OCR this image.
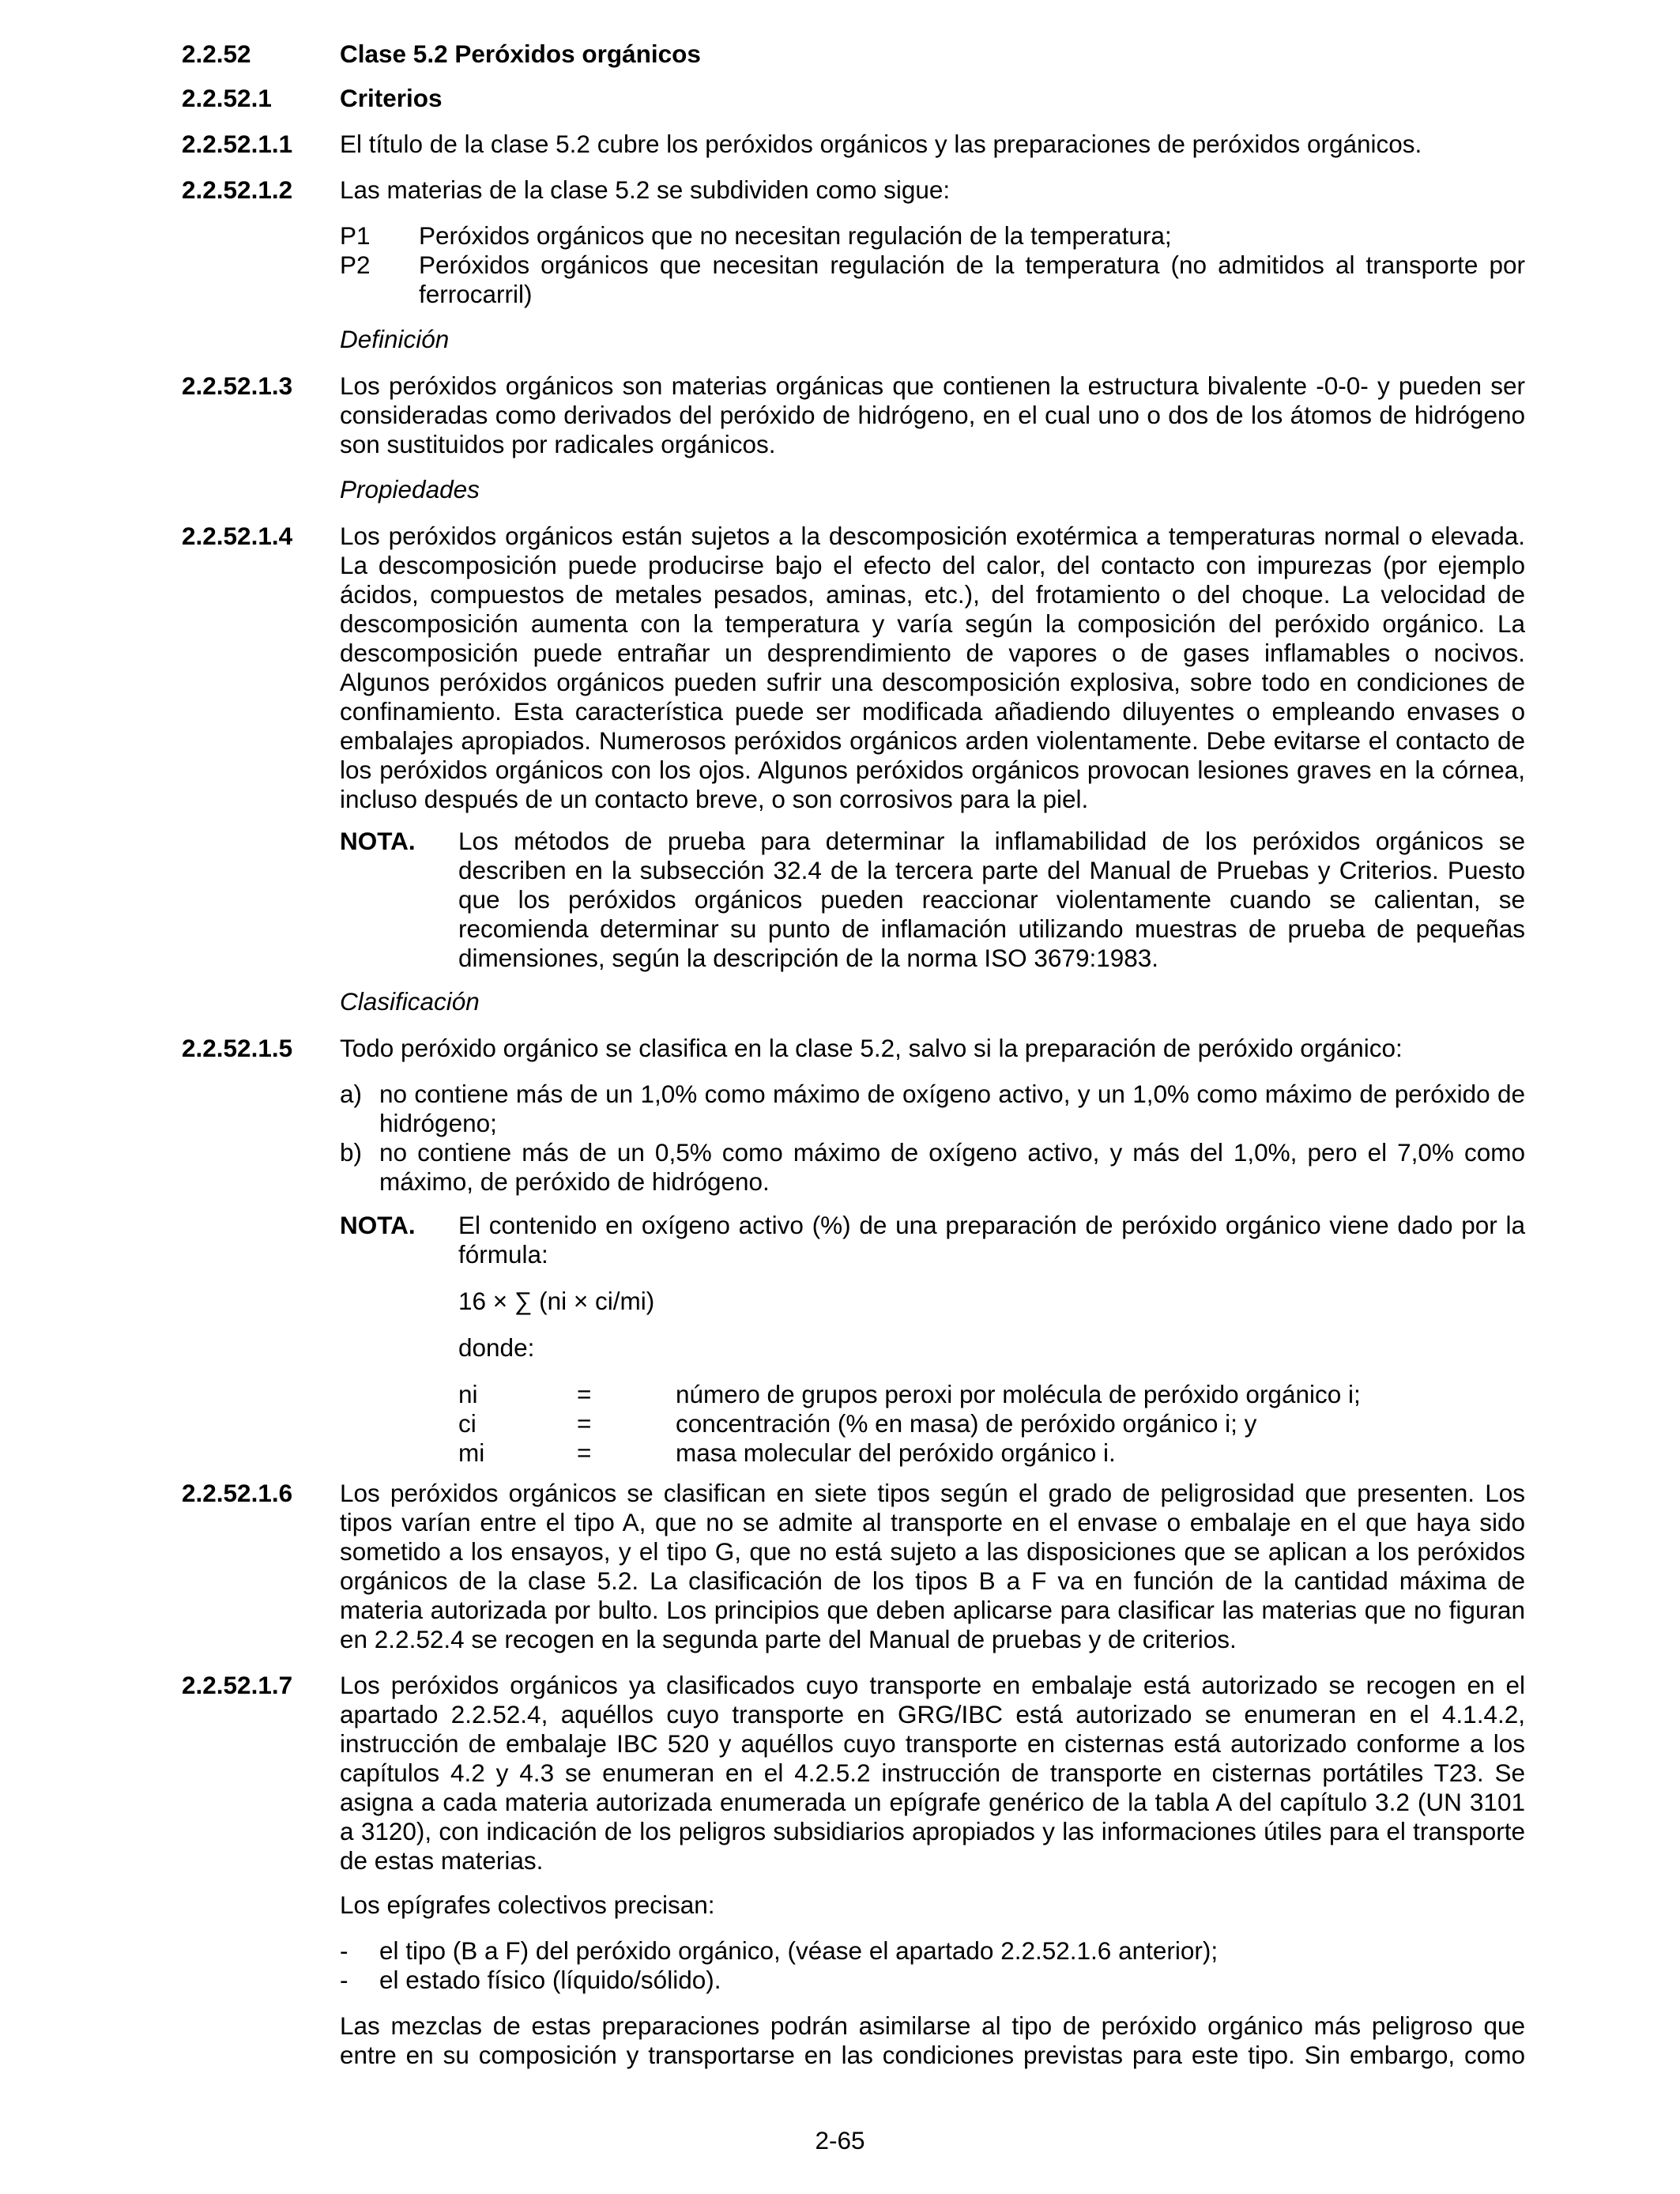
2.2.52	Clase 5.2 Peróxidos orgánicos
2.2.52.1	Criterios
2.2.52.1.1 El título de la clase 5.2 cubre los peróxidos orgánicos y las preparaciones de peróxidos orgánicos.
2.2.52.1.2 Las materias de la clase 5.2 se subdividen como sigue:
P1	Peróxidos orgánicos que no necesitan regulación de la temperatura;
P2	Peróxidos orgánicos que necesitan regulación de la temperatura (no admitidos al transporte por ferrocarril)
Definición
2.2.52.1.3 Los peróxidos orgánicos son materias orgánicas que contienen la estructura bivalente -0-0- y pueden ser consideradas como derivados del peróxido de hidrógeno, en el cual uno o dos de los átomos de hidrógeno son sustituidos por radicales orgánicos.
Propiedades
2.2.52.1.4 Los peróxidos orgánicos están sujetos a la descomposición exotérmica a temperaturas normal o elevada. La descomposición puede producirse bajo el efecto del calor, del contacto con impurezas (por ejemplo ácidos, compuestos de metales pesados, aminas, etc.), del frotamiento o del choque. La velocidad de descomposición aumenta con la temperatura y varía según la composición del peróxido orgánico. La descomposición puede entrañar un desprendimiento de vapores o de gases inflamables o nocivos. Algunos peróxidos orgánicos pueden sufrir una descomposición explosiva, sobre todo en condiciones de confinamiento. Esta característica puede ser modificada añadiendo diluyentes o empleando envases o embalajes apropiados. Numerosos peróxidos orgánicos arden violentamente. Debe evitarse el contacto de los peróxidos orgánicos con los ojos. Algunos peróxidos orgánicos provocan lesiones graves en la córnea, incluso después de un contacto breve, o son corrosivos para la piel.
NOTA.	Los métodos de prueba para determinar la inflamabilidad de los peróxidos orgánicos se describen en la subsección 32.4 de la tercera parte del Manual de Pruebas y Criterios. Puesto que los peróxidos orgánicos pueden reaccionar violentamente cuando se calientan, se recomienda determinar su punto de inflamación utilizando muestras de prueba de pequeñas dimensiones, según la descripción de la norma ISO 3679:1983.
Clasificación
2.2.52.1.5 Todo peróxido orgánico se clasifica en la clase 5.2, salvo si la preparación de peróxido orgánico:
a) no contiene más de un 1,0% como máximo de oxígeno activo, y un 1,0% como máximo de peróxido de hidrógeno;
b) no contiene más de un 0,5% como máximo de oxígeno activo, y más del 1,0%, pero el 7,0% como máximo, de peróxido de hidrógeno.
NOTA.	El contenido en oxígeno activo (%) de una preparación de peróxido orgánico viene dado por la fórmula:
16 × ∑ (ni × ci/mi)
donde:
ni	=	número de grupos peroxi por molécula de peróxido orgánico i;
ci	=	concentración (% en masa) de peróxido orgánico i; y
mi	=	masa molecular del peróxido orgánico i.
2.2.52.1.6 Los peróxidos orgánicos se clasifican en siete tipos según el grado de peligrosidad que presenten. Los tipos varían entre el tipo A, que no se admite al transporte en el envase o embalaje en el que haya sido sometido a los ensayos, y el tipo G, que no está sujeto a las disposiciones que se aplican a los peróxidos orgánicos de la clase 5.2. La clasificación de los tipos B a F va en función de la cantidad máxima de materia autorizada por bulto. Los principios que deben aplicarse para clasificar las materias que no figuran en 2.2.52.4 se recogen en la segunda parte del Manual de pruebas y de criterios.
2.2.52.1.7 Los peróxidos orgánicos ya clasificados cuyo transporte en embalaje está autorizado se recogen en el apartado 2.2.52.4, aquéllos cuyo transporte en GRG/IBC está autorizado se enumeran en el 4.1.4.2, instrucción de embalaje IBC 520 y aquéllos cuyo transporte en cisternas está autorizado conforme a los capítulos 4.2 y 4.3 se enumeran en el 4.2.5.2 instrucción de transporte en cisternas portátiles T23. Se asigna a cada materia autorizada enumerada un epígrafe genérico de la tabla A del capítulo 3.2 (UN 3101 a 3120), con indicación de los peligros subsidiarios apropiados y las informaciones útiles para el transporte de estas materias.
Los epígrafes colectivos precisan:
-	el tipo (B a F) del peróxido orgánico, (véase el apartado 2.2.52.1.6 anterior);
-	el estado físico (líquido/sólido).
Las mezclas de estas preparaciones podrán asimilarse al tipo de peróxido orgánico más peligroso que entre en su composición y transportarse en las condiciones previstas para este tipo. Sin embargo, como
2-65
